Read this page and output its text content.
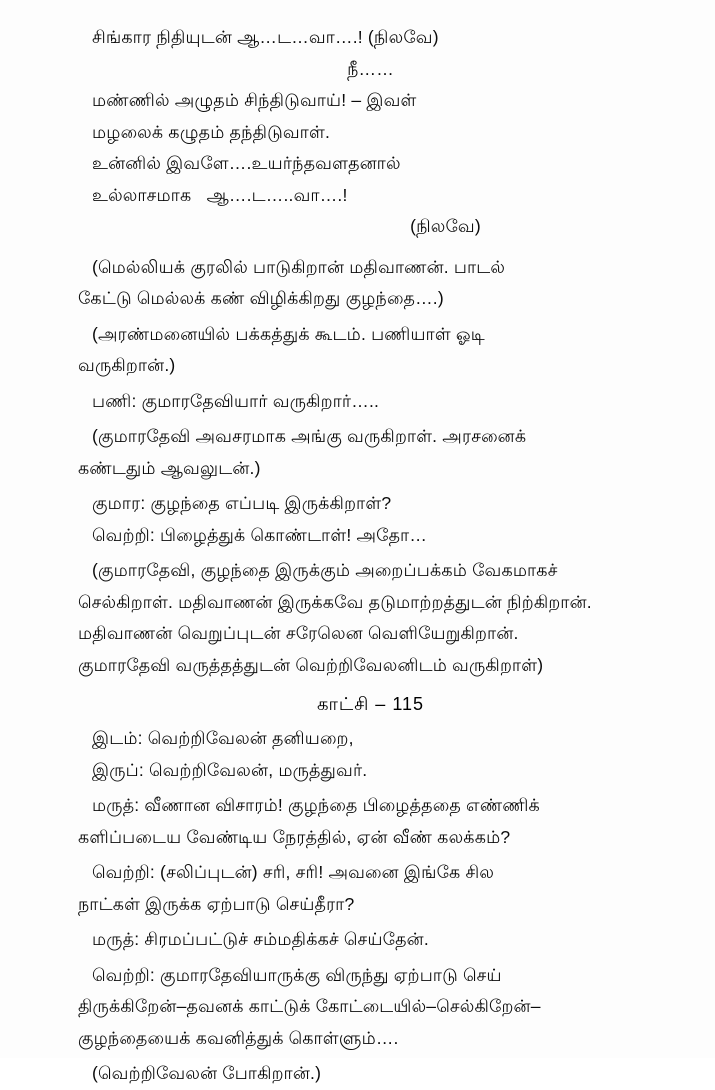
சிங்கார நிதியுடன் ஆ…ட…வா….! (நிலவே)
நீ……
மண்ணில் அழுதம் சிந்திடுவாய்! – இவள்
மழலைக் கழுதம் தந்திடுவாள்.
உன்னில் இவளே….உயர்ந்தவளதனால்
உல்லாசமாக   ஆ….ட…..வா….!
(நிலவே)
(மெல்லியக் குரலில் பாடுகிறான் மதிவாணன். பாடல்
கேட்டு மெல்லக் கண் விழிக்கிறது குழந்தை….)
(அரண்மனையில் பக்கத்துக் கூடம். பணியாள் ஓடி
வருகிறான்.)
பணி: குமாரதேவியார் வருகிறார்…..
(குமாரதேவி அவசரமாக அங்கு வருகிறாள். அரசனைக்
கண்டதும் ஆவலுடன்.)
குமார: குழந்தை எப்படி இருக்கிறாள்?
வெற்றி: பிழைத்துக் கொண்டாள்! அதோ…
(குமாரதேவி, குழந்தை இருக்கும் அறைப்பக்கம் வேகமாகச்
செல்கிறாள். மதிவாணன் இருக்கவே தடுமாற்றத்துடன் நிற்கிறான்.
மதிவாணன் வெறுப்புடன் சரேலென வெளியேறுகிறான்.
குமாரதேவி வருத்தத்துடன் வெற்றிவேலனிடம் வருகிறாள்)
காட்சி – 115
இடம்: வெற்றிவேலன் தனியறை,
இருப்: வெற்றிவேலன், மருத்துவர்.
மருத்: வீணான விசாரம்! குழந்தை பிழைத்ததை எண்ணிக்
களிப்படைய வேண்டிய நேரத்தில், ஏன் வீண் கலக்கம்?
வெற்றி: (சலிப்புடன்) சரி, சரி! அவனை இங்கே சில
நாட்கள் இருக்க ஏற்பாடு செய்தீரா?
மருத்: சிரமப்பட்டுச் சம்மதிக்கச் செய்தேன்.
வெற்றி: குமாரதேவியாருக்கு விருந்து ஏற்பாடு செய்
திருக்கிறேன்–தவனக் காட்டுக் கோட்டையில்–செல்கிறேன்–
குழந்தையைக் கவனித்துக் கொள்ளும்….
(வெற்றிவேலன் போகிறான்.)
